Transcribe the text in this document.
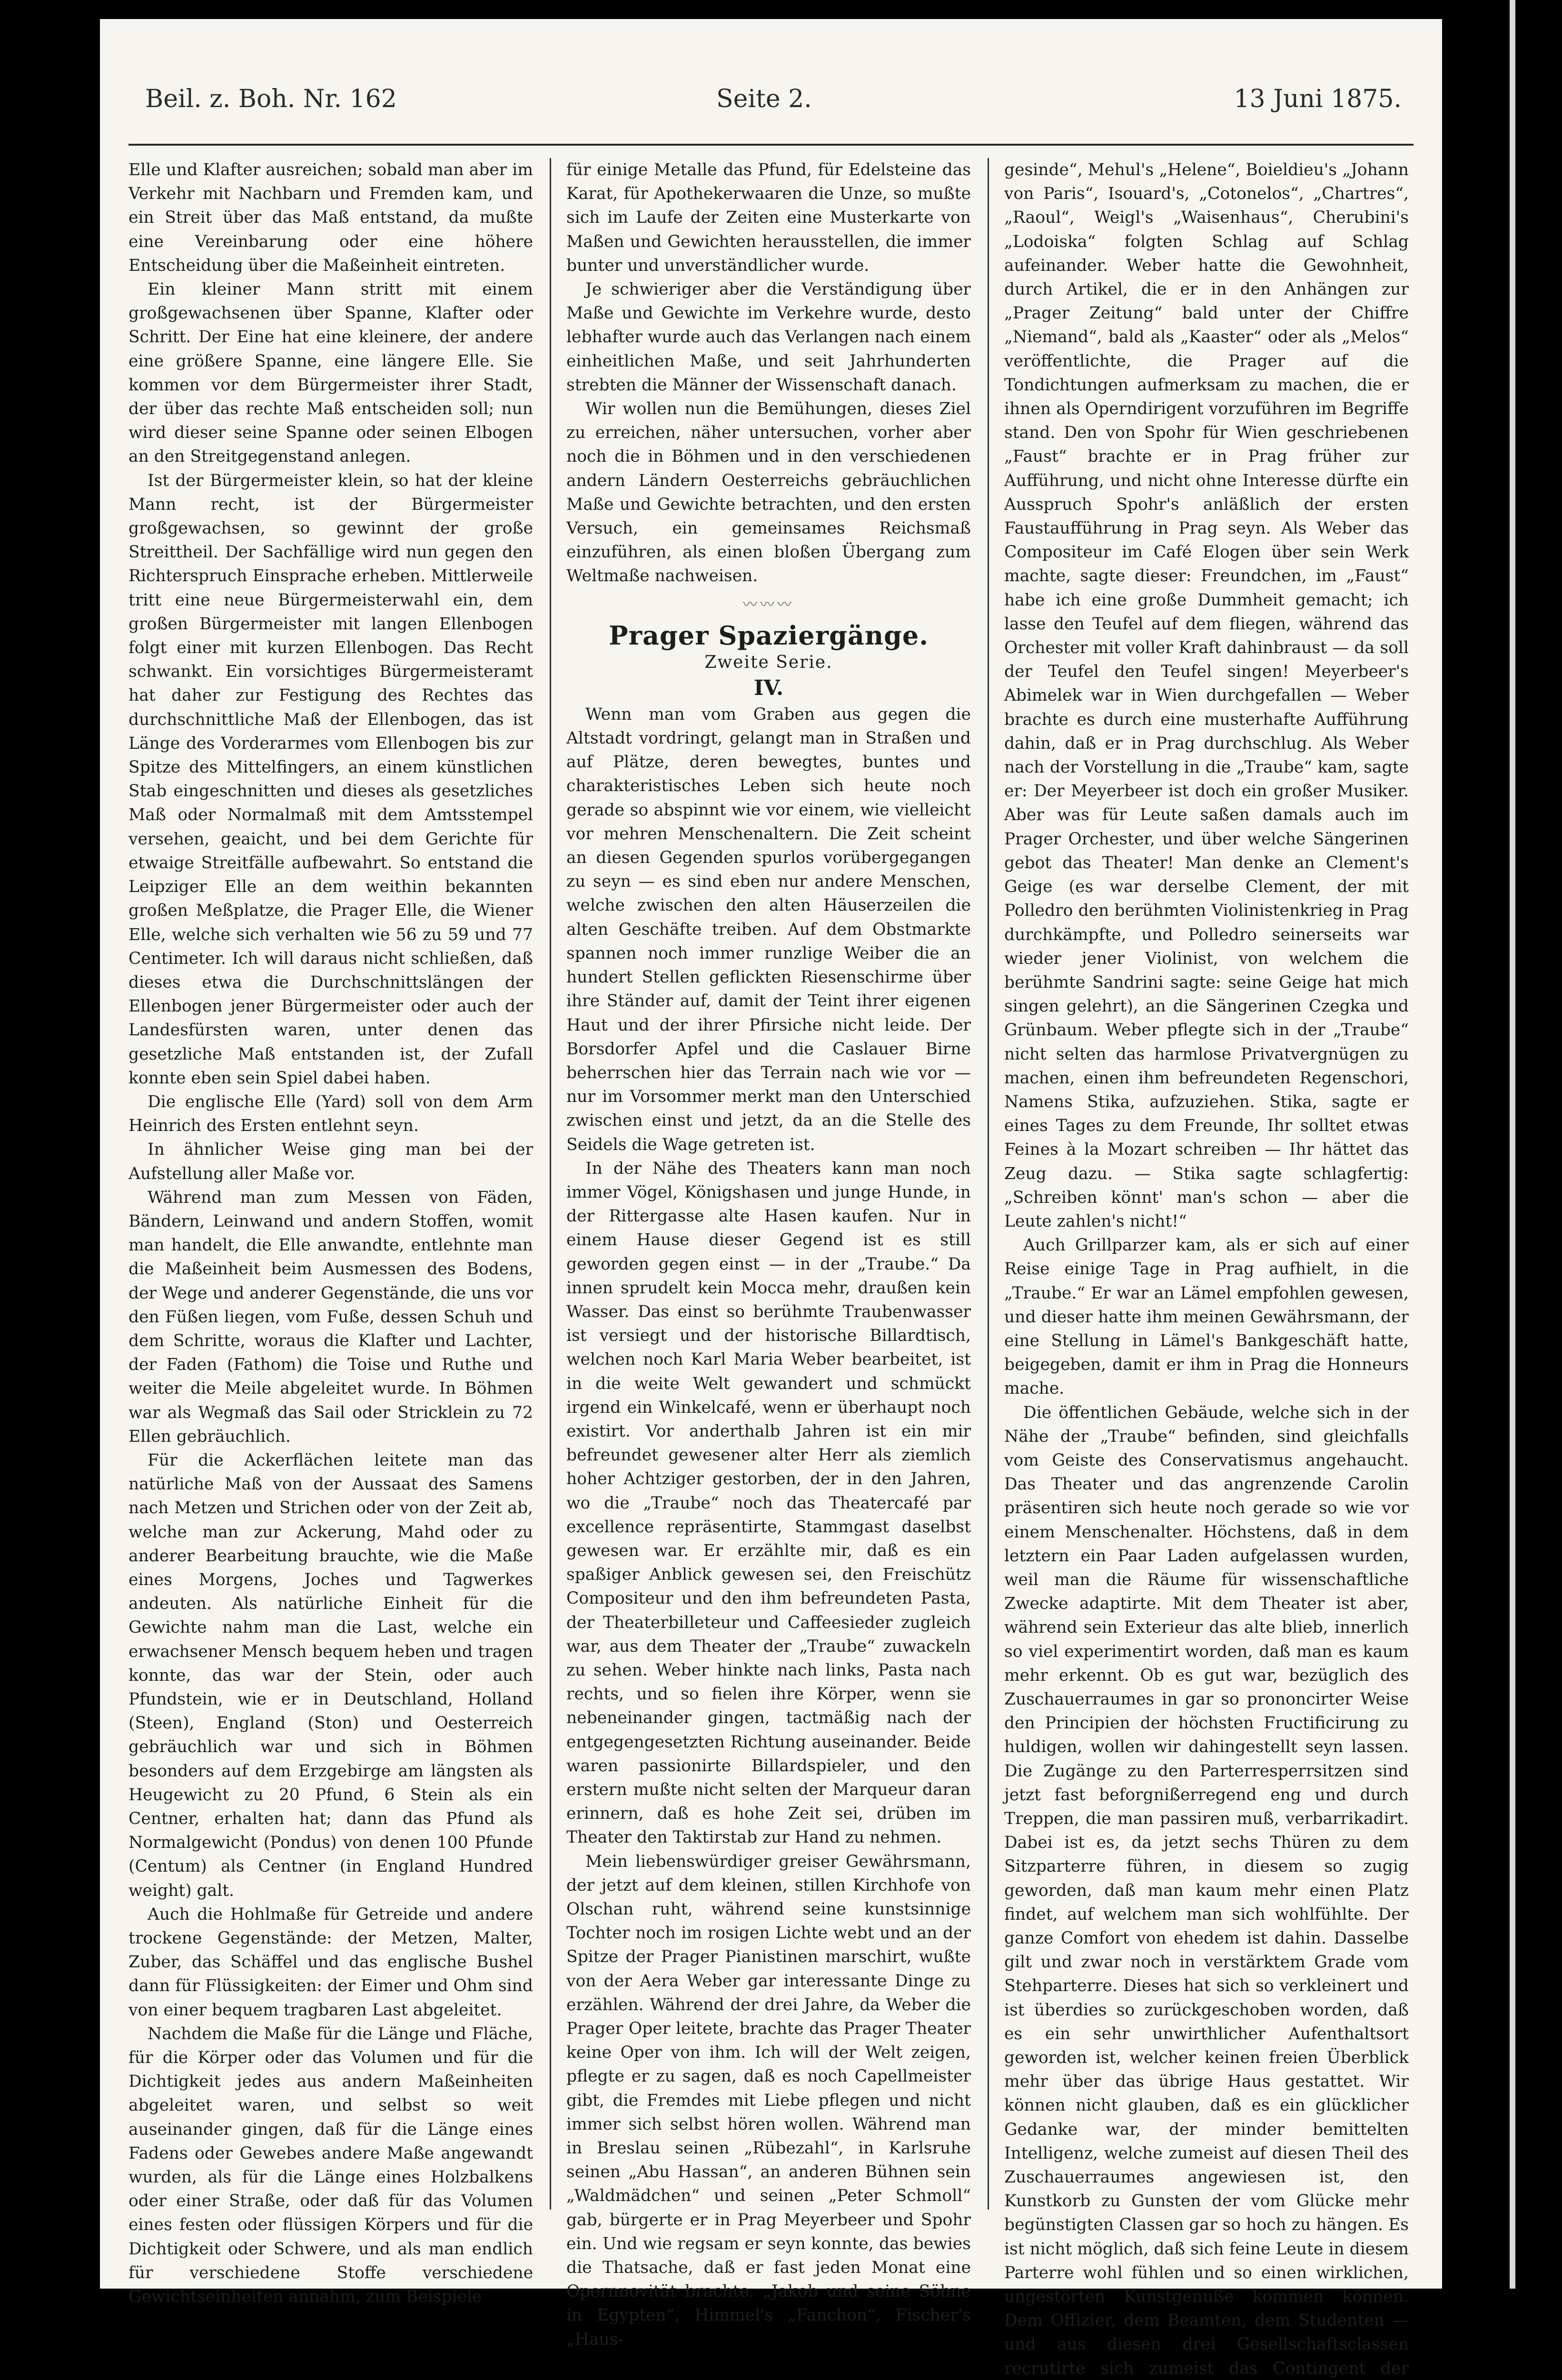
Beil. z. Boh. Nr. 162	Seite 2.	13 Juni 1875.

Elle und Klafter ausreichen; sobald man aber im Verkehr mit Nachbarn und Fremden kam, und ein Streit über das Maß entstand, da mußte eine Vereinbarung oder eine höhere Entscheidung über die Maßeinheit eintreten.

Ein kleiner Mann stritt mit einem großgewachsenen über Spanne, Klafter oder Schritt. Der Eine hat eine kleinere, der andere eine größere Spanne, eine längere Elle. Sie kommen vor dem Bürgermeister ihrer Stadt, der über das rechte Maß entscheiden soll; nun wird dieser seine Spanne oder seinen Elbogen an den Streitgegenstand anlegen.

Ist der Bürgermeister klein, so hat der kleine Mann recht, ist der Bürgermeister großgewachsen, so gewinnt der große Streittheil. Der Sachfällige wird nun gegen den Richterspruch Einsprache erheben. Mittlerweile tritt eine neue Bürgermeisterwahl ein, dem großen Bürgermeister mit langen Ellenbogen folgt einer mit kurzen Ellenbogen. Das Recht schwankt. Ein vorsichtiges Bürgermeisteramt hat daher zur Festigung des Rechtes das durchschnittliche Maß der Ellenbogen, das ist Länge des Vorderarmes vom Ellenbogen bis zur Spitze des Mittelfingers, an einem künstlichen Stab eingeschnitten und dieses als gesetzliches Maß oder Normalmaß mit dem Amtsstempel versehen, geaicht, und bei dem Gerichte für etwaige Streitfälle aufbewahrt. So entstand die Leipziger Elle an dem weithin bekannten großen Meßplatze, die Prager Elle, die Wiener Elle, welche sich verhalten wie 56 zu 59 und 77 Centimeter. Ich will daraus nicht schließen, daß dieses etwa die Durchschnittslängen der Ellenbogen jener Bürgermeister oder auch der Landesfürsten waren, unter denen das gesetzliche Maß entstanden ist, der Zufall konnte eben sein Spiel dabei haben.

Die englische Elle (Yard) soll von dem Arm Heinrich des Ersten entlehnt seyn.

In ähnlicher Weise ging man bei der Aufstellung aller Maße vor.

Während man zum Messen von Fäden, Bändern, Leinwand und andern Stoffen, womit man handelt, die Elle anwandte, entlehnte man die Maßeinheit beim Ausmessen des Bodens, der Wege und anderer Gegenstände, die uns vor den Füßen liegen, vom Fuße, dessen Schuh und dem Schritte, woraus die Klafter und Lachter, der Faden (Fathom) die Toise und Ruthe und weiter die Meile abgeleitet wurde. In Böhmen war als Wegmaß das Sail oder Stricklein zu 72 Ellen gebräuchlich.

Für die Ackerflächen leitete man das natürliche Maß von der Aussaat des Samens nach Metzen und Strichen oder von der Zeit ab, welche man zur Ackerung, Mahd oder zu anderer Bearbeitung brauchte, wie die Maße eines Morgens, Joches und Tagwerkes andeuten. Als natürliche Einheit für die Gewichte nahm man die Last, welche ein erwachsener Mensch bequem heben und tragen konnte, das war der Stein, oder auch Pfundstein, wie er in Deutschland, Holland (Steen), England (Ston) und Oesterreich gebräuchlich war und sich in Böhmen besonders auf dem Erzgebirge am längsten als Heugewicht zu 20 Pfund, 6 Stein als ein Centner, erhalten hat; dann das Pfund als Normalgewicht (Pondus) von denen 100 Pfunde (Centum) als Centner (in England Hundred weight) galt.

Auch die Hohlmaße für Getreide und andere trockene Gegenstände: der Metzen, Malter, Zuber, das Schäffel und das englische Bushel dann für Flüssigkeiten: der Eimer und Ohm sind von einer bequem tragbaren Last abgeleitet.

Nachdem die Maße für die Länge und Fläche, für die Körper oder das Volumen und für die Dichtigkeit jedes aus andern Maßeinheiten abgeleitet waren, und selbst so weit auseinander gingen, daß für die Länge eines Fadens oder Gewebes andere Maße angewandt wurden, als für die Länge eines Holzbalkens oder einer Straße, oder daß für das Volumen eines festen oder flüssigen Körpers und für die Dichtigkeit oder Schwere, und als man endlich für verschiedene Stoffe verschiedene Gewichtseinheiten annahm, zum Beispiele

für einige Metalle das Pfund, für Edelsteine das Karat, für Apothekerwaaren die Unze, so mußte sich im Laufe der Zeiten eine Musterkarte von Maßen und Gewichten herausstellen, die immer bunter und unverständlicher wurde.

Je schwieriger aber die Verständigung über Maße und Gewichte im Verkehre wurde, desto lebhafter wurde auch das Verlangen nach einem einheitlichen Maße, und seit Jahrhunderten strebten die Männer der Wissenschaft danach.

Wir wollen nun die Bemühungen, dieses Ziel zu erreichen, näher untersuchen, vorher aber noch die in Böhmen und in den verschiedenen andern Ländern Oesterreichs gebräuchlichen Maße und Gewichte betrachten, und den ersten Versuch, ein gemeinsames Reichsmaß einzuführen, als einen bloßen Übergang zum Weltmaße nachweisen.

〰〰〰
Prager Spaziergänge.
Zweite Serie.
IV.

Wenn man vom Graben aus gegen die Altstadt vordringt, gelangt man in Straßen und auf Plätze, deren bewegtes, buntes und charakteristisches Leben sich heute noch gerade so abspinnt wie vor einem, wie vielleicht vor mehren Menschenaltern. Die Zeit scheint an diesen Gegenden spurlos vorübergegangen zu seyn — es sind eben nur andere Menschen, welche zwischen den alten Häuserzeilen die alten Geschäfte treiben. Auf dem Obstmarkte spannen noch immer runzlige Weiber die an hundert Stellen geflickten Riesenschirme über ihre Ständer auf, damit der Teint ihrer eigenen Haut und der ihrer Pfirsiche nicht leide. Der Borsdorfer Apfel und die Caslauer Birne beherrschen hier das Terrain nach wie vor — nur im Vorsommer merkt man den Unterschied zwischen einst und jetzt, da an die Stelle des Seidels die Wage getreten ist.

In der Nähe des Theaters kann man noch immer Vögel, Königshasen und junge Hunde, in der Rittergasse alte Hasen kaufen. Nur in einem Hause dieser Gegend ist es still geworden gegen einst — in der „Traube.“ Da innen sprudelt kein Mocca mehr, draußen kein Wasser. Das einst so berühmte Traubenwasser ist versiegt und der historische Billardtisch, welchen noch Karl Maria Weber bearbeitet, ist in die weite Welt gewandert und schmückt irgend ein Winkelcafé, wenn er überhaupt noch existirt. Vor anderthalb Jahren ist ein mir befreundet gewesener alter Herr als ziemlich hoher Achtziger gestorben, der in den Jahren, wo die „Traube“ noch das Theatercafé par excellence repräsentirte, Stammgast daselbst gewesen war. Er erzählte mir, daß es ein spaßiger Anblick gewesen sei, den Freischütz Compositeur und den ihm befreundeten Pasta, der Theaterbilleteur und Caffeesieder zugleich war, aus dem Theater der „Traube“ zuwackeln zu sehen. Weber hinkte nach links, Pasta nach rechts, und so fielen ihre Körper, wenn sie nebeneinander gingen, tactmäßig nach der entgegengesetzten Richtung auseinander. Beide waren passionirte Billardspieler, und den erstern mußte nicht selten der Marqueur daran erinnern, daß es hohe Zeit sei, drüben im Theater den Taktirstab zur Hand zu nehmen.

Mein liebenswürdiger greiser Gewährsmann, der jetzt auf dem kleinen, stillen Kirchhofe von Olschan ruht, während seine kunstsinnige Tochter noch im rosigen Lichte webt und an der Spitze der Prager Pianistinen marschirt, wußte von der Aera Weber gar interessante Dinge zu erzählen. Während der drei Jahre, da Weber die Prager Oper leitete, brachte das Prager Theater keine Oper von ihm. Ich will der Welt zeigen, pflegte er zu sagen, daß es noch Capellmeister gibt, die Fremdes mit Liebe pflegen und nicht immer sich selbst hören wollen. Während man in Breslau seinen „Rübezahl“, in Karlsruhe seinen „Abu Hassan“, an anderen Bühnen sein „Waldmädchen“ und seinen „Peter Schmoll“ gab, bürgerte er in Prag Meyerbeer und Spohr ein. Und wie regsam er seyn konnte, das bewies die Thatsache, daß er fast jeden Monat eine Opernnovität brachte. „Jakob und seine Söhne in Egypten“, Himmel's „Fanchon“, Fischer's „Haus-

gesinde“, Mehul's „Helene“, Boieldieu's „Johann von Paris“, Isouard's, „Cotonelos“, „Chartres“, „Raoul“, Weigl's „Waisenhaus“, Cherubini's „Lodoiska“ folgten Schlag auf Schlag aufeinander. Weber hatte die Gewohnheit, durch Artikel, die er in den Anhängen zur „Prager Zeitung“ bald unter der Chiffre „Niemand“, bald als „Kaaster“ oder als „Melos“ veröffentlichte, die Prager auf die Tondichtungen aufmerksam zu machen, die er ihnen als Operndirigent vorzuführen im Begriffe stand. Den von Spohr für Wien geschriebenen „Faust“ brachte er in Prag früher zur Aufführung, und nicht ohne Interesse dürfte ein Ausspruch Spohr's anläßlich der ersten Faustaufführung in Prag seyn. Als Weber das Compositeur im Café Elogen über sein Werk machte, sagte dieser: Freundchen, im „Faust“ habe ich eine große Dummheit gemacht; ich lasse den Teufel auf dem fliegen, während das Orchester mit voller Kraft dahinbraust — da soll der Teufel den Teufel singen! Meyerbeer's Abimelek war in Wien durchgefallen — Weber brachte es durch eine musterhafte Aufführung dahin, daß er in Prag durchschlug. Als Weber nach der Vorstellung in die „Traube“ kam, sagte er: Der Meyerbeer ist doch ein großer Musiker. Aber was für Leute saßen damals auch im Prager Orchester, und über welche Sängerinen gebot das Theater! Man denke an Clement's Geige (es war derselbe Clement, der mit Polledro den berühmten Violinistenkrieg in Prag durchkämpfte, und Polledro seinerseits war wieder jener Violinist, von welchem die berühmte Sandrini sagte: seine Geige hat mich singen gelehrt), an die Sängerinen Czegka und Grünbaum. Weber pflegte sich in der „Traube“ nicht selten das harmlose Privatvergnügen zu machen, einen ihm befreundeten Regenschori, Namens Stika, aufzuziehen. Stika, sagte er eines Tages zu dem Freunde, Ihr solltet etwas Feines à la Mozart schreiben — Ihr hättet das Zeug dazu. — Stika sagte schlagfertig: „Schreiben könnt' man's schon — aber die Leute zahlen's nicht!“

Auch Grillparzer kam, als er sich auf einer Reise einige Tage in Prag aufhielt, in die „Traube.“ Er war an Lämel empfohlen gewesen, und dieser hatte ihm meinen Gewährsmann, der eine Stellung in Lämel's Bankgeschäft hatte, beigegeben, damit er ihm in Prag die Honneurs mache.

Die öffentlichen Gebäude, welche sich in der Nähe der „Traube“ befinden, sind gleichfalls vom Geiste des Conservatismus angehaucht. Das Theater und das angrenzende Carolin präsentiren sich heute noch gerade so wie vor einem Menschenalter. Höchstens, daß in dem letztern ein Paar Laden aufgelassen wurden, weil man die Räume für wissenschaftliche Zwecke adaptirte. Mit dem Theater ist aber, während sein Exterieur das alte blieb, innerlich so viel experimentirt worden, daß man es kaum mehr erkennt. Ob es gut war, bezüglich des Zuschauerraumes in gar so prononcirter Weise den Principien der höchsten Fructificirung zu huldigen, wollen wir dahingestellt seyn lassen. Die Zugänge zu den Parterresperrsitzen sind jetzt fast beforgnißerregend eng und durch Treppen, die man passiren muß, verbarrikadirt. Dabei ist es, da jetzt sechs Thüren zu dem Sitzparterre führen, in diesem so zugig geworden, daß man kaum mehr einen Platz findet, auf welchem man sich wohlfühlte. Der ganze Comfort von ehedem ist dahin. Dasselbe gilt und zwar noch in verstärktem Grade vom Stehparterre. Dieses hat sich so verkleinert und ist überdies so zurückgeschoben worden, daß es ein sehr unwirthlicher Aufenthaltsort geworden ist, welcher keinen freien Überblick mehr über das übrige Haus gestattet. Wir können nicht glauben, daß es ein glücklicher Gedanke war, der minder bemittelten Intelligenz, welche zumeist auf diesen Theil des Zuschauerraumes angewiesen ist, den Kunstkorb zu Gunsten der vom Glücke mehr begünstigten Classen gar so hoch zu hängen. Es ist nicht möglich, daß sich feine Leute in diesem Parterre wohl fühlen und so einen wirklichen, ungestörten Kunstgenuße kommen können. Dem Offizier, dem Beamten, dem Studenten — und aus diesen drei Gesellschaftsclassen recrutirte sich zumeist das Contingent der
